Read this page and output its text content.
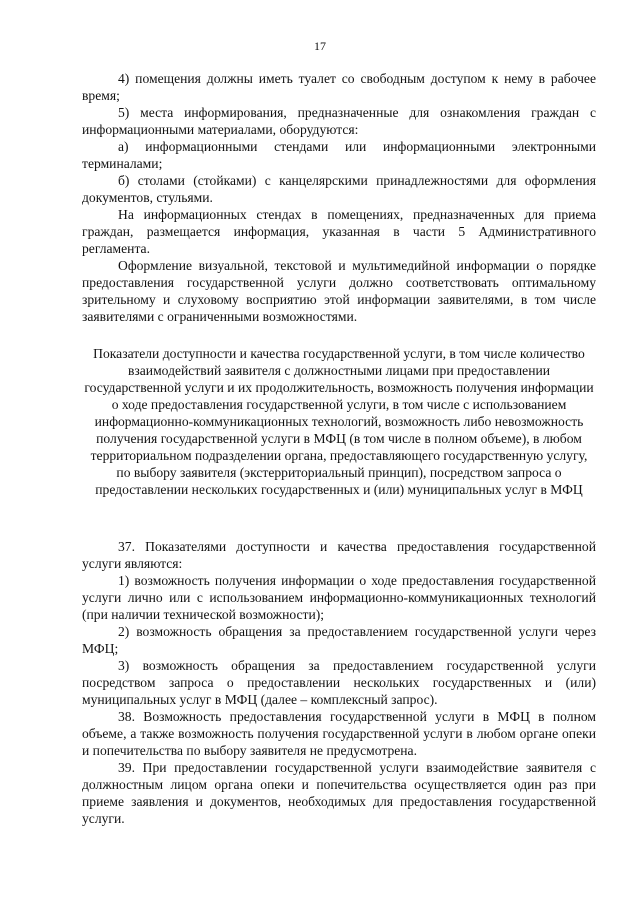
17

4) помещения должны иметь туалет со свободным доступом к нему в рабочее время;

5) места информирования, предназначенные для ознакомления граждан с информационными материалами, оборудуются:

а) информационными стендами или информационными электронными терминалами;

б) столами (стойками) с канцелярскими принадлежностями для оформления документов, стульями.

На информационных стендах в помещениях, предназначенных для приема граждан, размещается информация, указанная в части 5 Административного регламента.

Оформление визуальной, текстовой и мультимедийной информации о порядке предоставления государственной услуги должно соответствовать оптимальному зрительному и слуховому восприятию этой информации заявителями, в том числе заявителями с ограниченными возможностями.

Показатели доступности и качества государственной услуги, в том числе количество взаимодействий заявителя с должностными лицами при предоставлении государственной услуги и их продолжительность, возможность получения информации о ходе предоставления государственной услуги, в том числе с использованием информационно-коммуникационных технологий, возможность либо невозможность получения государственной услуги в МФЦ (в том числе в полном объеме), в любом территориальном подразделении органа, предоставляющего государственную услугу, по выбору заявителя (экстерриториальный принцип), посредством запроса о предоставлении нескольких государственных и (или) муниципальных услуг в МФЦ

37. Показателями доступности и качества предоставления государственной услуги являются:

1) возможность получения информации о ходе предоставления государственной услуги лично или с использованием информационно-коммуникационных технологий (при наличии технической возможности);

2) возможность обращения за предоставлением государственной услуги через МФЦ;

3) возможность обращения за предоставлением государственной услуги посредством запроса о предоставлении нескольких государственных и (или) муниципальных услуг в МФЦ (далее – комплексный запрос).

38. Возможность предоставления государственной услуги в МФЦ в полном объеме, а также возможность получения государственной услуги в любом органе опеки и попечительства по выбору заявителя не предусмотрена.

39. При предоставлении государственной услуги взаимодействие заявителя с должностным лицом органа опеки и попечительства осуществляется один раз при приеме заявления и документов, необходимых для предоставления государственной услуги.
